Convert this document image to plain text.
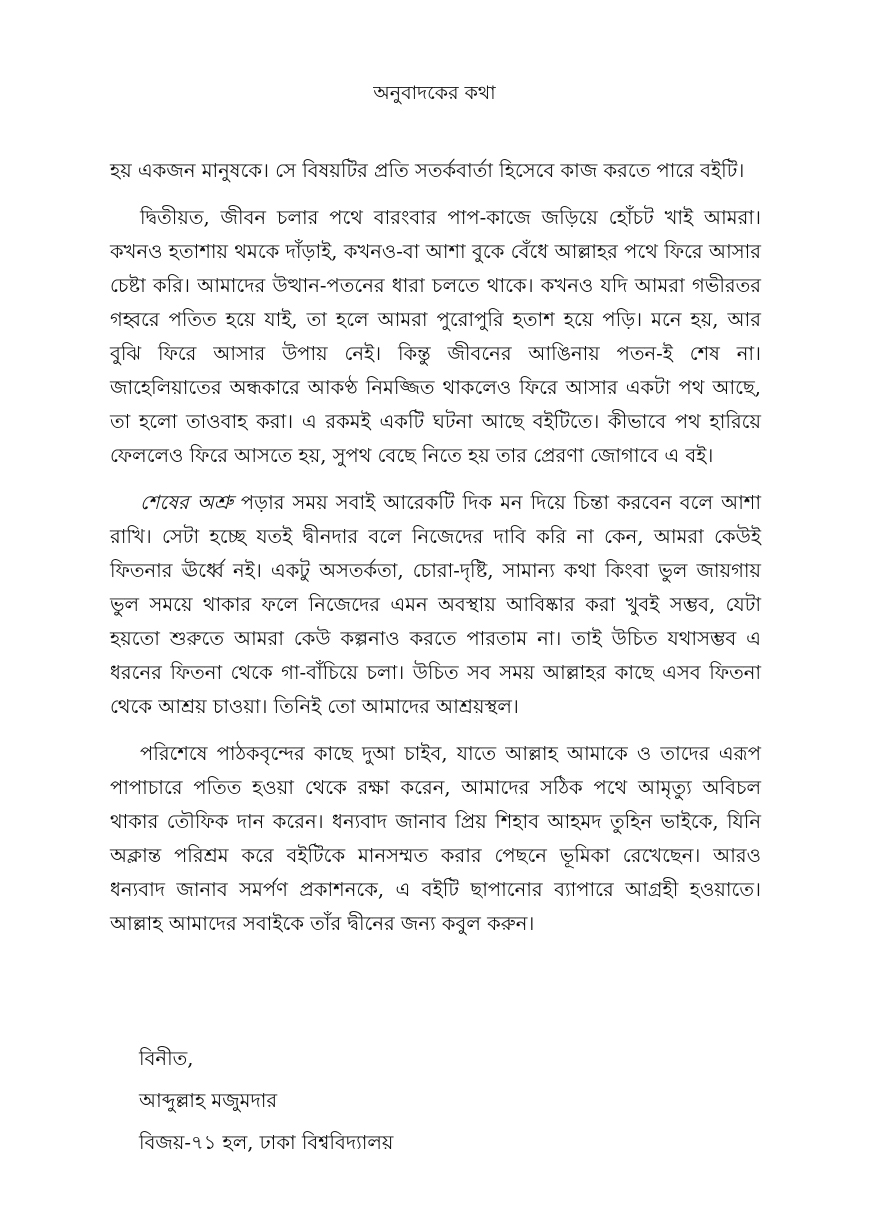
অনুবাদকের কথা

হয় একজন মানুষকে। সে বিষয়টির প্রতি সতর্কবার্তা হিসেবে কাজ করতে পারে বইটি।

দ্বিতীয়ত, জীবন চলার পথে বারংবার পাপ-কাজে জড়িয়ে হোঁচট খাই আমরা। কখনও হতাশায় থমকে দাঁড়াই, কখনও-বা আশা বুকে বেঁধে আল্লাহর পথে ফিরে আসার চেষ্টা করি। আমাদের উত্থান-পতনের ধারা চলতে থাকে। কখনও যদি আমরা গভীরতর গহ্বরে পতিত হয়ে যাই, তা হলে আমরা পুরোপুরি হতাশ হয়ে পড়ি। মনে হয়, আর বুঝি ফিরে আসার উপায় নেই। কিন্তু জীবনের আঙিনায় পতন-ই শেষ না। জাহেলিয়াতের অন্ধকারে আকণ্ঠ নিমজ্জিত থাকলেও ফিরে আসার একটা পথ আছে, তা হলো তাওবাহ করা। এ রকমই একটি ঘটনা আছে বইটিতে। কীভাবে পথ হারিয়ে ফেললেও ফিরে আসতে হয়, সুপথ বেছে নিতে হয় তার প্রেরণা জোগাবে এ বই।

শেষের অশ্রু পড়ার সময় সবাই আরেকটি দিক মন দিয়ে চিন্তা করবেন বলে আশা রাখি। সেটা হচ্ছে যতই দ্বীনদার বলে নিজেদের দাবি করি না কেন, আমরা কেউই ফিতনার ঊর্ধ্বে নই। একটু অসতর্কতা, চোরা-দৃষ্টি, সামান্য কথা কিংবা ভুল জায়গায় ভুল সময়ে থাকার ফলে নিজেদের এমন অবস্থায় আবিষ্কার করা খুবই সম্ভব, যেটা হয়তো শুরুতে আমরা কেউ কল্পনাও করতে পারতাম না। তাই উচিত যথাসম্ভব এ ধরনের ফিতনা থেকে গা-বাঁচিয়ে চলা। উচিত সব সময় আল্লাহর কাছে এসব ফিতনা থেকে আশ্রয় চাওয়া। তিনিই তো আমাদের আশ্রয়স্থল।

পরিশেষে পাঠকবৃন্দের কাছে দুআ চাইব, যাতে আল্লাহ আমাকে ও তাদের এরূপ পাপাচারে পতিত হওয়া থেকে রক্ষা করেন, আমাদের সঠিক পথে আমৃত্যু অবিচল থাকার তৌফিক দান করেন। ধন্যবাদ জানাব প্রিয় শিহাব আহমদ তুহিন ভাইকে, যিনি অক্লান্ত পরিশ্রম করে বইটিকে মানসম্মত করার পেছনে ভূমিকা রেখেছেন। আরও ধন্যবাদ জানাব সমর্পণ প্রকাশনকে, এ বইটি ছাপানোর ব্যাপারে আগ্রহী হওয়াতে। আল্লাহ আমাদের সবাইকে তাঁর দ্বীনের জন্য কবুল করুন।

বিনীত,
আব্দুল্লাহ মজুমদার
বিজয়-৭১ হল, ঢাকা বিশ্ববিদ্যালয়
